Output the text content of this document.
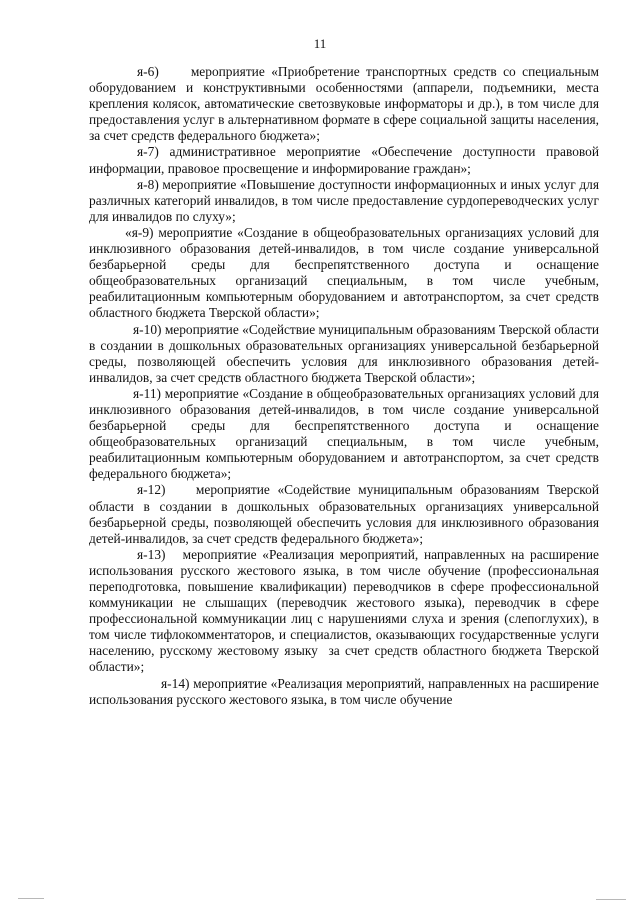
11

я-6)     мероприятие «Приобретение транспортных средств со специальным оборудованием и конструктивными особенностями (аппарели, подъемники, места крепления колясок, автоматические светозвуковые информаторы и др.), в том числе для предоставления услуг в альтернативном формате в сфере социальной защиты населения, за счет средств федерального бюджета»;

я-7) административное мероприятие «Обеспечение доступности правовой информации, правовое просвещение и информирование граждан»;

я-8) мероприятие «Повышение доступности информационных и иных услуг для различных категорий инвалидов, в том числе предоставление сурдопереводческих услуг для инвалидов по слуху»;

«я-9) мероприятие «Создание в общеобразовательных организациях условий для инклюзивного образования детей-инвалидов, в том числе создание универсальной безбарьерной среды для беспрепятственного доступа и оснащение общеобразовательных организаций специальным, в том числе учебным, реабилитационным компьютерным оборудованием и автотранспортом, за счет средств областного бюджета Тверской области»;

я-10) мероприятие «Содействие муниципальным образованиям Тверской области в создании в дошкольных образовательных организациях универсальной безбарьерной среды, позволяющей обеспечить условия для инклюзивного образования детей-инвалидов, за счет средств областного бюджета Тверской области»;

я-11) мероприятие «Создание в общеобразовательных организациях условий для инклюзивного образования детей-инвалидов, в том числе создание универсальной безбарьерной среды для беспрепятственного доступа и оснащение общеобразовательных организаций специальным, в том числе учебным, реабилитационным компьютерным оборудованием и автотранспортом, за счет средств федерального бюджета»;

я-12)    мероприятие «Содействие муниципальным образованиям Тверской области в создании в дошкольных образовательных организациях универсальной безбарьерной среды, позволяющей обеспечить условия для инклюзивного образования детей-инвалидов, за счет средств федерального бюджета»;

я-13)   мероприятие «Реализация мероприятий, направленных на расширение использования русского жестового языка, в том числе обучение (профессиональная переподготовка, повышение квалификации) переводчиков в сфере профессиональной коммуникации не слышащих (переводчик жестового языка), переводчик в сфере профессиональной коммуникации лиц с нарушениями слуха и зрения (слепоглухих), в том числе тифлокомментаторов, и специалистов, оказывающих государственные услуги населению, русскому жестовому языку  за счет средств областного бюджета Тверской области»;

я-14) мероприятие «Реализация мероприятий, направленных на расширение использования русского жестового языка, в том числе обучение
